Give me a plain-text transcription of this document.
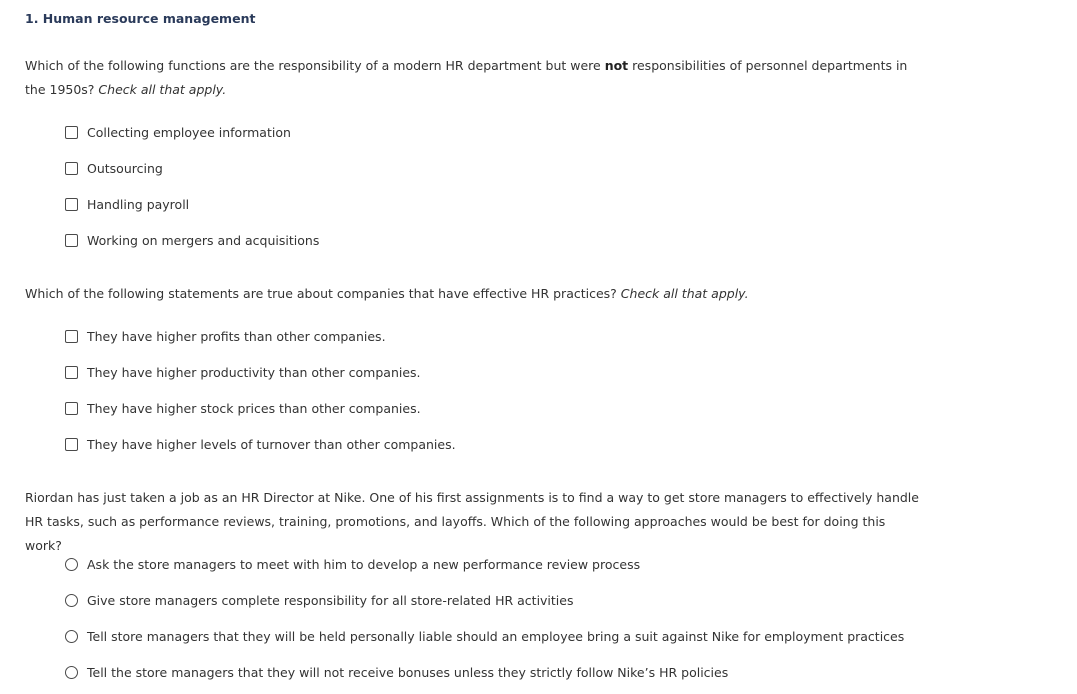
1. Human resource management

Which of the following functions are the responsibility of a modern HR department but were not responsibilities of personnel departments in the 1950s? Check all that apply.

Collecting employee information
Outsourcing
Handling payroll
Working on mergers and acquisitions

Which of the following statements are true about companies that have effective HR practices? Check all that apply.

They have higher profits than other companies.
They have higher productivity than other companies.
They have higher stock prices than other companies.
They have higher levels of turnover than other companies.

Riordan has just taken a job as an HR Director at Nike. One of his first assignments is to find a way to get store managers to effectively handle HR tasks, such as performance reviews, training, promotions, and layoffs. Which of the following approaches would be best for doing this work?

Ask the store managers to meet with him to develop a new performance review process
Give store managers complete responsibility for all store-related HR activities
Tell store managers that they will be held personally liable should an employee bring a suit against Nike for employment practices
Tell the store managers that they will not receive bonuses unless they strictly follow Nike’s HR policies
